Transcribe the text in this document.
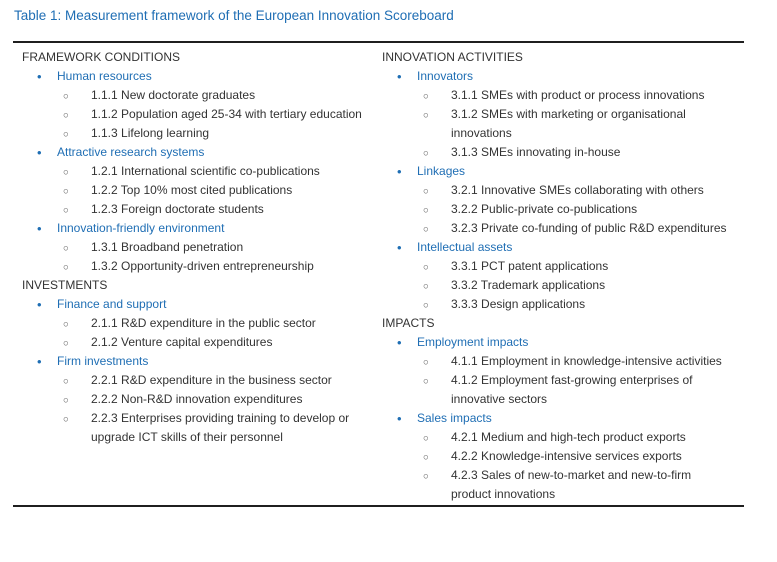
Table 1: Measurement framework of the European Innovation Scoreboard
FRAMEWORK CONDITIONS
• Human resources
○ 1.1.1 New doctorate graduates
○ 1.1.2 Population aged 25-34 with tertiary education
○ 1.1.3 Lifelong learning
• Attractive research systems
○ 1.2.1 International scientific co-publications
○ 1.2.2 Top 10% most cited publications
○ 1.2.3 Foreign doctorate students
• Innovation-friendly environment
○ 1.3.1 Broadband penetration
○ 1.3.2 Opportunity-driven entrepreneurship
INVESTMENTS
• Finance and support
○ 2.1.1 R&D expenditure in the public sector
○ 2.1.2 Venture capital expenditures
• Firm investments
○ 2.2.1 R&D expenditure in the business sector
○ 2.2.2 Non-R&D innovation expenditures
○ 2.2.3 Enterprises providing training to develop or upgrade ICT skills of their personnel
INNOVATION ACTIVITIES
• Innovators
○ 3.1.1 SMEs with product or process innovations
○ 3.1.2 SMEs with marketing or organisational innovations
○ 3.1.3 SMEs innovating in-house
• Linkages
○ 3.2.1 Innovative SMEs collaborating with others
○ 3.2.2 Public-private co-publications
○ 3.2.3 Private co-funding of public R&D expenditures
• Intellectual assets
○ 3.3.1 PCT patent applications
○ 3.3.2 Trademark applications
○ 3.3.3 Design applications
IMPACTS
• Employment impacts
○ 4.1.1 Employment in knowledge-intensive activities
○ 4.1.2 Employment fast-growing enterprises of innovative sectors
• Sales impacts
○ 4.2.1 Medium and high-tech product exports
○ 4.2.2 Knowledge-intensive services exports
○ 4.2.3 Sales of new-to-market and new-to-firm product innovations
